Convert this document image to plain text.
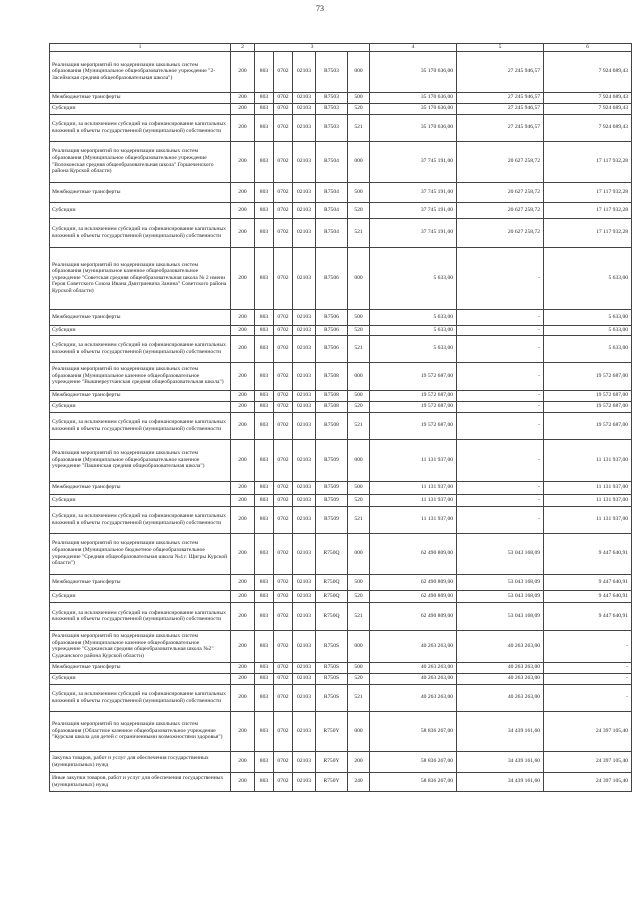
73
1	2	3					4	5	6
Реализация мероприятий по модернизации школьных систем образования (Муниципальное общеобразовательное учреждение "2-Засеймская средняя общеобразовательная школа")	200	803	0702	02103	R7503	000	35 170 636,00	27 245 946,57	7 924 689,43
Межбюджетные трансферты	200	803	0702	02103	R7503	500	35 170 636,00	27 245 946,57	7 924 689,43
Субсидии	200	803	0702	02103	R7503	520	35 170 636,00	27 245 946,57	7 924 689,43
Субсидии, за исключением субсидий на софинансирование капитальных вложений в объекты государственной (муниципальной) собственности	200	803	0702	02103	R7503	521	35 170 636,00	27 245 946,57	7 924 689,43
Реализация мероприятий по модернизации школьных систем образования (Муниципальное общеобразовательное учреждение "Волоконская средняя общеобразовательная школа" Горшеченского района Курской области)	200	803	0702	02103	R7504	000	37 745 191,00	20 627 258,72	17 117 932,28
Межбюджетные трансферты	200	803	0702	02103	R7504	500	37 745 191,00	20 627 258,72	17 117 932,28
Субсидии	200	803	0702	02103	R7504	520	37 745 191,00	20 627 258,72	17 117 932,28
Субсидии, за исключением субсидий на софинансирование капитальных вложений в объекты государственной (муниципальной) собственности	200	803	0702	02103	R7504	521	37 745 191,00	20 627 258,72	17 117 932,28
Реализация мероприятий по модернизации школьных систем образования (муниципальное казенное общеобразовательное учреждение "Советская средняя общеобразовательная школа № 2 имени Героя Советского Союза Ивана Дмитриевича Занина" Советского района Курской области)	200	803	0702	02103	R7506	000	5 633,00	-	5 633,00
Межбюджетные трансферты	200	803	0702	02103	R7506	500	5 633,00	-	5 633,00
Субсидии	200	803	0702	02103	R7506	520	5 633,00	-	5 633,00
Субсидии, за исключением субсидий на софинансирование капитальных вложений в объекты государственной (муниципальной) собственности	200	803	0702	02103	R7506	521	5 633,00	-	5 633,00
Реализация мероприятий по модернизации школьных систем образования (Муниципальное казенное общеобразовательное учреждение "Вышнереутчанская средняя общеобразовательная школа")	200	803	0702	02103	R7508	000	19 572 687,00	-	19 572 687,00
Межбюджетные трансферты	200	803	0702	02103	R7508	500	19 572 687,00	-	19 572 687,00
Субсидии	200	803	0702	02103	R7508	520	19 572 687,00	-	19 572 687,00
Субсидии, за исключением субсидий на софинансирование капитальных вложений в объекты государственной (муниципальной) собственности	200	803	0702	02103	R7508	521	19 572 687,00	-	19 572 687,00
Реализация мероприятий по модернизации школьных систем образования (Муниципальное общеобразовательное казенное учреждение "Пашинская средняя общеобразовательная школа")	200	803	0702	02103	R7509	000	11 131 937,00	-	11 131 937,00
Межбюджетные трансферты	200	803	0702	02103	R7509	500	11 131 937,00	-	11 131 937,00
Субсидии	200	803	0702	02103	R7509	520	11 131 937,00	-	11 131 937,00
Субсидии, за исключением субсидий на софинансирование капитальных вложений в объекты государственной (муниципальной) собственности	200	803	0702	02103	R7509	521	11 131 937,00	-	11 131 937,00
Реализация мероприятий по модернизации школьных систем образования (Муниципальное бюджетное общеобразовательное учреждение "Средняя общеобразовательная школа №4 г. Щигры Курской области")	200	803	0702	02103	R750Q	000	62 490 809,00	53 043 168,09	9 447 640,91
Межбюджетные трансферты	200	803	0702	02103	R750Q	500	62 490 809,00	53 043 168,09	9 447 640,91
Субсидии	200	803	0702	02103	R750Q	520	62 490 809,00	53 043 168,09	9 447 640,91
Субсидии, за исключением субсидий на софинансирование капитальных вложений в объекты государственной (муниципальной) собственности	200	803	0702	02103	R750Q	521	62 490 809,00	53 043 168,09	9 447 640,91
Реализация мероприятий по модернизации школьных систем образования (Муниципальное казенное общеобразовательное учреждение "Суджанская средняя общеобразовательная школа №2" Суджанского района Курской области)	200	803	0702	02103	R750S	000	40 263 263,00	40 263 263,00	-
Межбюджетные трансферты	200	803	0702	02103	R750S	500	40 263 263,00	40 263 263,00	-
Субсидии	200	803	0702	02103	R750S	520	40 263 263,00	40 263 263,00	-
Субсидии, за исключением субсидий на софинансирование капитальных вложений в объекты государственной (муниципальной) собственности	200	803	0702	02103	R750S	521	40 263 263,00	40 263 263,00	-
Реализация мероприятий по модернизации школьных систем образования (Областное казенное общеобразовательное учреждение "Курская школа для детей с ограниченными возможностями здоровья")	200	803	0702	02103	R750Y	000	58 836 267,00	34 439 161,60	24 397 105,40
Закупка товаров, работ и услуг для обеспечения государственных (муниципальных) нужд	200	803	0702	02103	R750Y	200	58 836 267,00	34 439 161,60	24 397 105,40
Иные закупки товаров, работ и услуг для обеспечения государственных (муниципальных) нужд	200	803	0702	02103	R750Y	240	58 836 267,00	34 439 161,60	24 397 105,40
